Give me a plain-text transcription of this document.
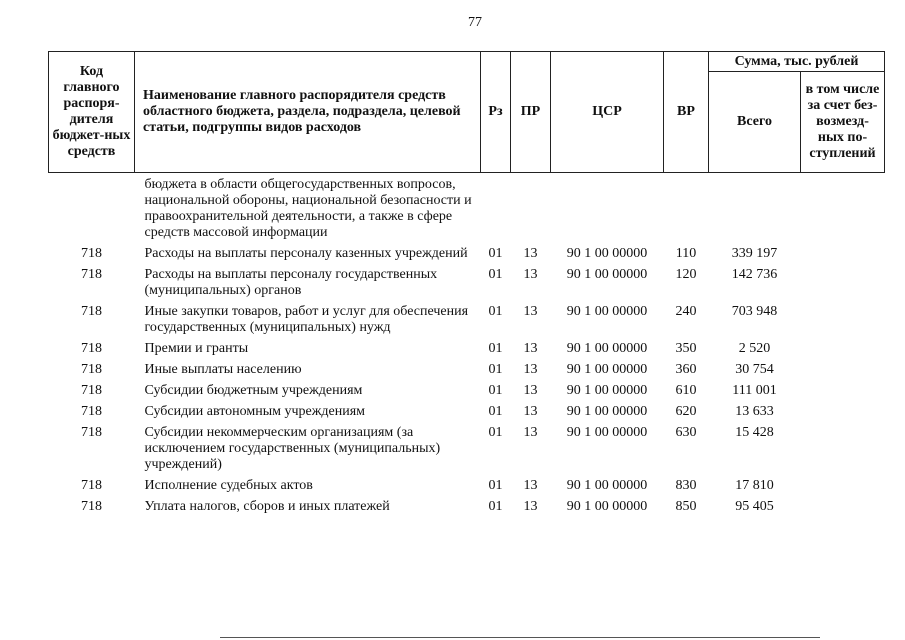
77
Код главного распоря-дителя бюджет-ных средств	Наименование главного распорядителя средств областного бюджета, раздела, подраздела, целевой статьи, подгруппы видов расходов	Рз	ПР	ЦСР	ВР	Сумма, тыс. рублей	
						Всего	в том числе за счет без-возмезд-ных по-ступлений
	бюджета в области общегосударственных вопросов, национальной обороны, национальной безопасности и правоохранительной деятельности, а также в сфере средств массовой информации						
718	Расходы на выплаты персоналу казенных учреждений	01	13	90 1 00 00000	110	339 197	
718	Расходы на выплаты персоналу государственных (муниципальных) органов	01	13	90 1 00 00000	120	142 736	
718	Иные закупки товаров, работ и услуг для обеспечения государственных (муниципальных) нужд	01	13	90 1 00 00000	240	703 948	
718	Премии и гранты	01	13	90 1 00 00000	350	2 520	
718	Иные выплаты населению	01	13	90 1 00 00000	360	30 754	
718	Субсидии бюджетным учреждениям	01	13	90 1 00 00000	610	111 001	
718	Субсидии автономным учреждениям	01	13	90 1 00 00000	620	13 633	
718	Субсидии некоммерческим организациям (за исключением государственных (муниципальных) учреждений)	01	13	90 1 00 00000	630	15 428	
718	Исполнение судебных актов	01	13	90 1 00 00000	830	17 810	
718	Уплата налогов, сборов и иных платежей	01	13	90 1 00 00000	850	95 405	
